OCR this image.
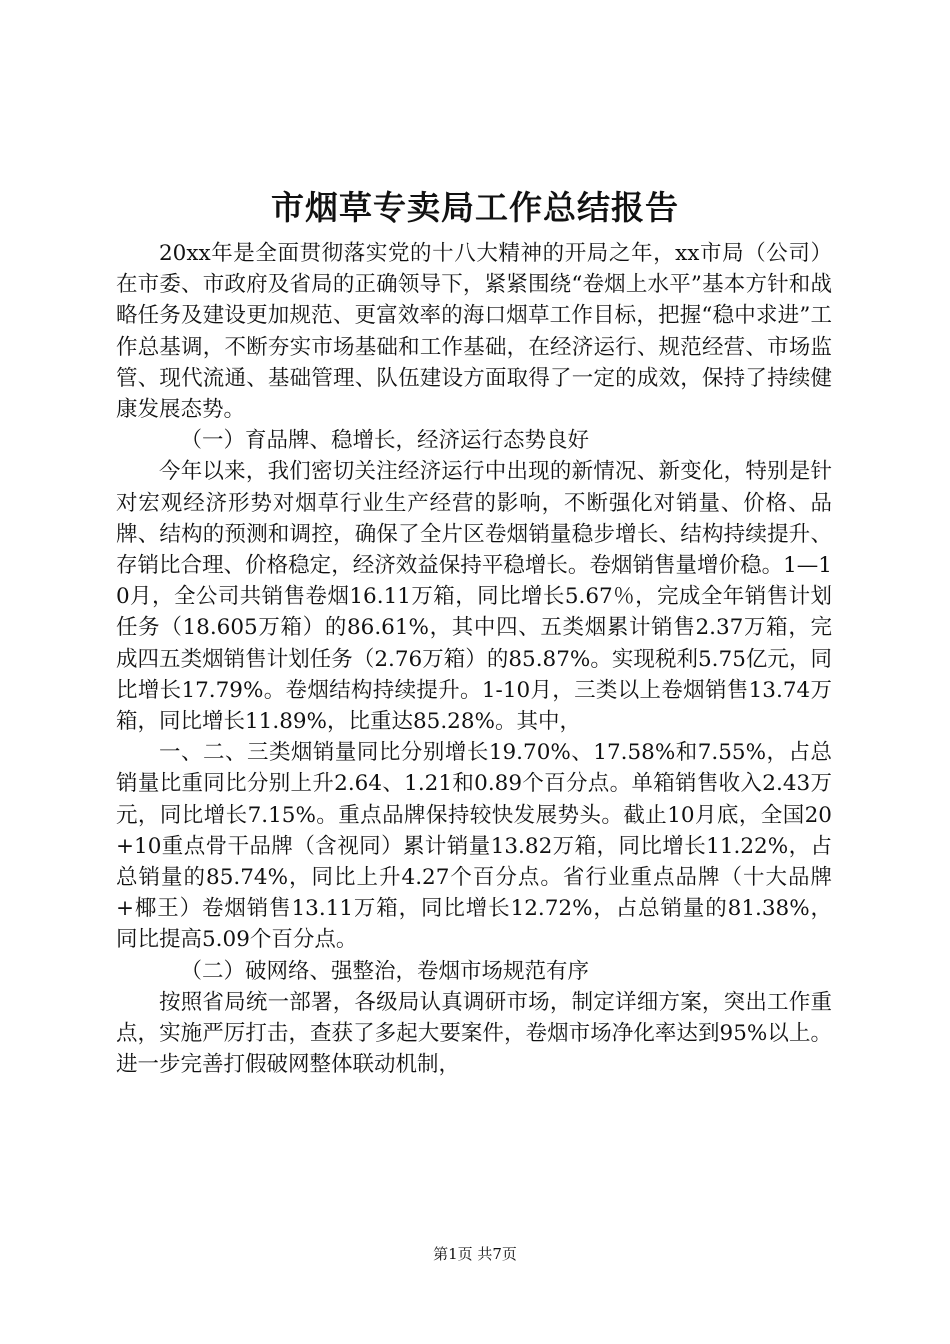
市烟草专卖局工作总结报告

20xx年是全面贯彻落实党的十八大精神的开局之年，xx市局（公司）在市委、市政府及省局的正确领导下，紧紧围绕“卷烟上水平”基本方针和战略任务及建设更加规范、更富效率的海口烟草工作目标，把握“稳中求进”工作总基调，不断夯实市场基础和工作基础，在经济运行、规范经营、市场监管、现代流通、基础管理、队伍建设方面取得了一定的成效，保持了持续健康发展态势。

（一）育品牌、稳增长，经济运行态势良好

今年以来，我们密切关注经济运行中出现的新情况、新变化，特别是针对宏观经济形势对烟草行业生产经营的影响，不断强化对销量、价格、品牌、结构的预测和调控，确保了全片区卷烟销量稳步增长、结构持续提升、存销比合理、价格稳定，经济效益保持平稳增长。卷烟销售量增价稳。1—10月，全公司共销售卷烟16.11万箱，同比增长5.67％，完成全年销售计划任务（18.605万箱）的86.61%，其中四、五类烟累计销售2.37万箱，完成四五类烟销售计划任务（2.76万箱）的85.87%。实现税利5.75亿元，同比增长17.79%。卷烟结构持续提升。1-10月，三类以上卷烟销售13.74万箱，同比增长11.89%，比重达85.28%。其中，

一、二、三类烟销量同比分别增长19.70%、17.58%和7.55%，占总销量比重同比分别上升2.64、1.21和0.89个百分点。单箱销售收入2.43万元，同比增长7.15%。重点品牌保持较快发展势头。截止10月底，全国20+10重点骨干品牌（含视同）累计销量13.82万箱，同比增长11.22%，占总销量的85.74%，同比上升4.27个百分点。省行业重点品牌（十大品牌+椰王）卷烟销售13.11万箱，同比增长12.72%，占总销量的81.38%，同比提高5.09个百分点。

（二）破网络、强整治，卷烟市场规范有序

按照省局统一部署，各级局认真调研市场，制定详细方案，突出工作重点，实施严厉打击，查获了多起大要案件，卷烟市场净化率达到95%以上。进一步完善打假破网整体联动机制，

第1页 共7页
